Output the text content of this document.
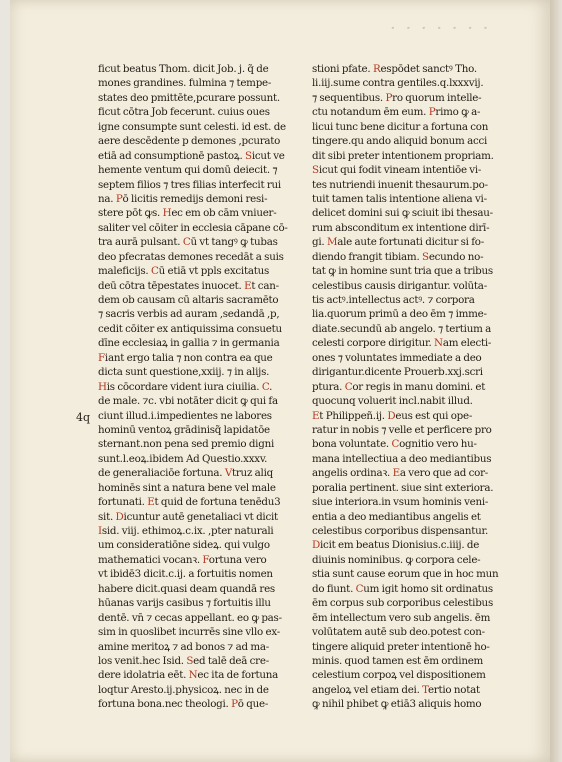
· · · · · · ·
4q
ficut beatus Thom. dicit Job. j. q̃ de
mones grandines. fulmina ⁊ tempe-
states deo pmittēte,pcurare possunt.
ficut cōtra Job fecerunt. cuius oues
igne consumpte sunt celesti. id est. de
aere descēdente p demones ,pcurato
etiā ad consumptionē pastoꝝ. Sicut ve
hemente ventum qui domū deiecit. ⁊
septem filios ⁊ tres filias interfecit rui
na. Pō licitis remedijs demoni resi-
stere pōt ꝙs. Hec em ob cām vniuer-
saliter vel cōiter in ecclesia cāpane cō-
tra aurā pulsant. Cū vt tangꝰ ꝙ tubas
deo pfecratas demones recedāt a suis
maleficijs. Cū etiā vt ppls excitatus
deū cōtra tēpestates inuocet. Et can-
dem ob causam cū altaris sacramēto
⁊ sacris verbis ad auram ,sedandā ,p,
cedit cōiter ex antiquissima consuetu
dīne ecclesiaꝝ in gallia ⁊ in germania
Fiant ergo talia ⁊ non contra ea que
dicta sunt questione,xxiij. ⁊ in alijs.
His cōcordare vident iura ciuilia. C.
de male. ⁊c. vbi notāter dicit ꝙ qui fa
ciunt illud.i.impedientes ne labores
hominū ventoꝝ grādinisq̃ lapidatōe
sternant.non pena sed premio digni
sunt.l.eoꝝ.ibidem Ad Questio.xxxv.
de generaliaciōe fortuna. Vtruz aliq
hominēs sint a natura bene vel male
fortunati. Et quid de fortuna tenēdu3
sit. Dicuntur autē genetaliaci vt dicit
Isid. viij. ethimoꝝ.c.ix. ,pter naturali
um consideratiōne sideꝝ. qui vulgo
mathematici vocanꝛ. Fortuna vero
vt ibidē3 dicit.c.ij. a fortuitis nomen
habere dicit.quasi deam quandā res
hūanas varijs casibus ⁊ fortuitis illu
dentē. vn̄ ⁊ cecas appellant. eo ꝙ pas-
sim in quoslibet incurrēs sine vllo ex-
amine meritoꝝ ⁊ ad bonos ⁊ ad ma-
los venit.hec Isid. Sed talē deā cre-
dere idolatria eēt. Nec ita de fortuna
loqtur Aresto.ij.physicoꝝ. nec in de
fortuna bona.nec theologi. Pō que-
stioni pfate. Respōdet sanctꝰ Tho.
li.iij.sume contra gentiles.q.lxxxvij.
⁊ sequentibus. Pro quorum intelle-
ctu notandum ēm eum. Primo ꝙ a-
licui tunc bene dicitur a fortuna con
tingere.qu ando aliquid bonum acci
dit sibi preter intentionem propriam.
Sicut qui fodit vineam intentiōe vi-
tes nutriendi inuenit thesaurum.po-
tuit tamen talis intentione aliena vi-
delicet domini sui ꝙ sciuit ibi thesau-
rum absconditum ex intentione dirī-
gi. Male aute fortunati dicitur si fo-
diendo frangit tibiam. Secundo no-
tat ꝙ in homine sunt tria que a tribus
celestibus causis dirigantur. volūta-
tis actꝰ.intellectus actꝰ. ⁊ corpora
lia.quorum primū a deo ēm ⁊ imme-
diate.secundū ab angelo. ⁊ tertium a
celesti corpore dirigitur. Nam electi-
ones ⁊ voluntates immediate a deo
dirigantur.dicente Prouerb.xxj.scri
ptura. Cor regis in manu domini. et
quocunq voluerit incl.nabit illud.
Et Philippeñ.ij. Deus est qui ope-
ratur in nobis ⁊ velle et perficere pro
bona voluntate. Cognitio vero hu-
mana intellectiua a deo mediantibus
angelis ordinaꝛ. Ea vero que ad cor-
poralia pertinent. siue sint exteriora.
siue interiora.in vsum hominis veni-
entia a deo mediantibus angelis et
celestibus corporibus dispensantur.
Dicit em beatus Dionisius.c.iiij. de
diuinis nominibus. ꝙ corpora cele-
stia sunt cause eorum que in hoc mun
do fiunt. Cum igit homo sit ordinatus
ēm corpus sub corporibus celestibus
ēm intellectum vero sub angelis. ēm
volūtatem autē sub deo.potest con-
tingere aliquid preter intentionē ho-
minis. quod tamen est ēm ordinem
celestium corpoꝝ vel dispositionem
angeloꝝ vel etiam dei. Tertio notat
ꝙ nihil phibet ꝙ etiā3 aliquis homo
